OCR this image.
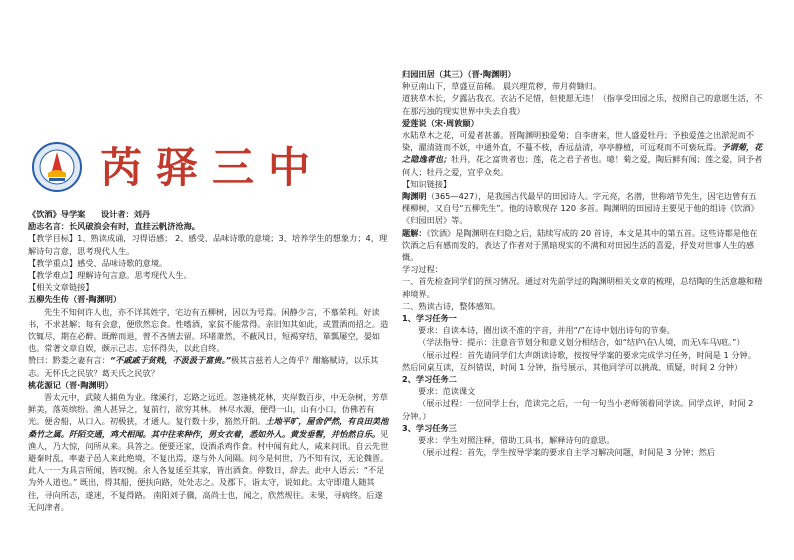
芮驿三中

《饮酒》导学案 设计者：刘丹

励志名言：长风破浪会有时，直挂云帆济沧海。

【教学目标】1、熟读成诵，习得语感； 2、感受、品味诗歌的意境；3、培养学生的想象力；4、理解诗句言意，思考现代人生。

【教学重点】感受、品味诗歌的意境。

【教学难点】理解诗句言意。思考现代人生。

【相关文章链接】

五柳先生传（晋·陶渊明）

先生不知何许人也，亦不详其姓字，宅边有五柳树，因以为号焉。闲静少言，不慕荣利。好读书，不求甚解；每有会意，便欣然忘食。性嗜酒，家贫不能常得。亲旧知其如此，或置酒而招之。造饮辄尽，期在必醉。既醉而退，曾不吝情去留。环堵萧然，不蔽风日，短褐穿结，箪瓢屡空，晏如也。常著文章自娱，颇示己志。忘怀得失，以此自终。

赞曰：黔娄之妻有言：“不戚戚于贫贱，不汲汲于富贵。”极其言兹若人之俦乎？酣觞赋诗，以乐其志。无怀氏之民欤？葛天氏之民欤？

桃花源记（晋·陶渊明）

晋太元中，武陵人捕鱼为业。缘溪行，忘路之远近。忽逢桃花林，夹岸数百步，中无杂树，芳草鲜美，落英缤纷。渔人甚异之，复前行，欲穷其林。 林尽水源，便得一山，山有小口，仿佛若有光。便舍船，从口入。初极狭，才通人。复行数十步，豁然开朗。土地平旷，屋舍俨然，有良田美池桑竹之属。阡陌交通，鸡犬相闻。其中往来种作，男女衣着，悉如外人。黄发垂髫，并怡然自乐。见渔人，乃大惊，问所从来。具答之。便要还家，设酒杀鸡作食。村中闻有此人，咸来问讯。自云先世避秦时乱，率妻子邑人来此绝境，不复出焉，遂与外人间隔。问今是何世，乃不知有汉，无论魏晋。此人一一为具言所闻，皆叹惋。余人各复延至其家，皆出酒食。停数日，辞去。此中人语云：“不足为外人道也。” 既出，得其船，便扶向路，处处志之。及郡下，诣太守，说如此。太守即遣人随其往，寻向所志，遂迷，不复得路。 南阳刘子骥，高尚士也，闻之，欣然规往。未果，寻病终。后遂无问津者。

归园田居（其三）（晋·陶渊明）

种豆南山下，草盛豆苗稀。 晨兴理荒秽，带月荷锄归。

道狭草木长，夕露沾我衣。衣沾不足惜，但使愿无违！（指享受田园之乐，按照自己的意愿生活，不在那污浊的现实世界中失去自我）

爱莲说（宋·周敦颐）

水陆草木之花，可爱者甚蕃。晋陶渊明独爱菊；自李唐来，世人盛爱牡丹；予独爱莲之出淤泥而不染，濯清涟而不妖，中通外直，不蔓不枝，香远益清，亭亭静植，可远观而不可亵玩焉。予谓菊，花之隐逸者也；牡丹，花之富贵者也；莲，花之君子者也。噫！菊之爱，陶后鲜有闻；莲之爱，同予者何人；牡丹之爱，宜乎众矣。

【知识链接】

陶渊明（365—427），是我国古代最早的田园诗人。字元亮，名潜，世称靖节先生，因宅边曾有五棵柳树，又自号“五柳先生”。他的诗歌现存 120 多首。陶渊明的田园诗主要见于他的组诗《饮酒》《归园田居》等。

题解：《饮酒》是陶渊明在归隐之后，陆续写成的 20 首诗，本文是其中的第五首。这些诗都是他在饮酒之后有感而发的，表达了作者对于黑暗现实的不满和对田园生活的喜爱，抒发对世事人生的感慨。

学习过程：

一、首先检查同学们的预习情况。通过对先前学过的陶渊明相关文章的梳理，总结陶的生活意趣和精神境界。

二、熟读古诗，整体感知。

1、学习任务一

要求：自读本诗，圈出读不准的字音，并用“/”在诗中划出诗句的节奏。

（学法指导：提示：注意音节划分和意义划分相结合，如“结庐\在\人境，而无\车马\喧。”）

（展示过程：首先请同学们大声朗读诗歌，按按导学案的要求完成学习任务，时间是 1 分钟。然后同桌互读，互纠错误，时间 1 分钟，指号展示，其他同学可以挑战、质疑，时间 2 分钟）

2、学习任务二

要求：范读课文

（展示过程：一位同学上台，范读完之后，一句一句当小老师领着同学读。同学点评，时间 2 分钟。）

3、学习任务三

要求：学生对照注释，借助工具书，解释诗句的意思。

（展示过程：首先，学生按导学案的要求自主学习解决问题，时间是 3 分钟；然后
